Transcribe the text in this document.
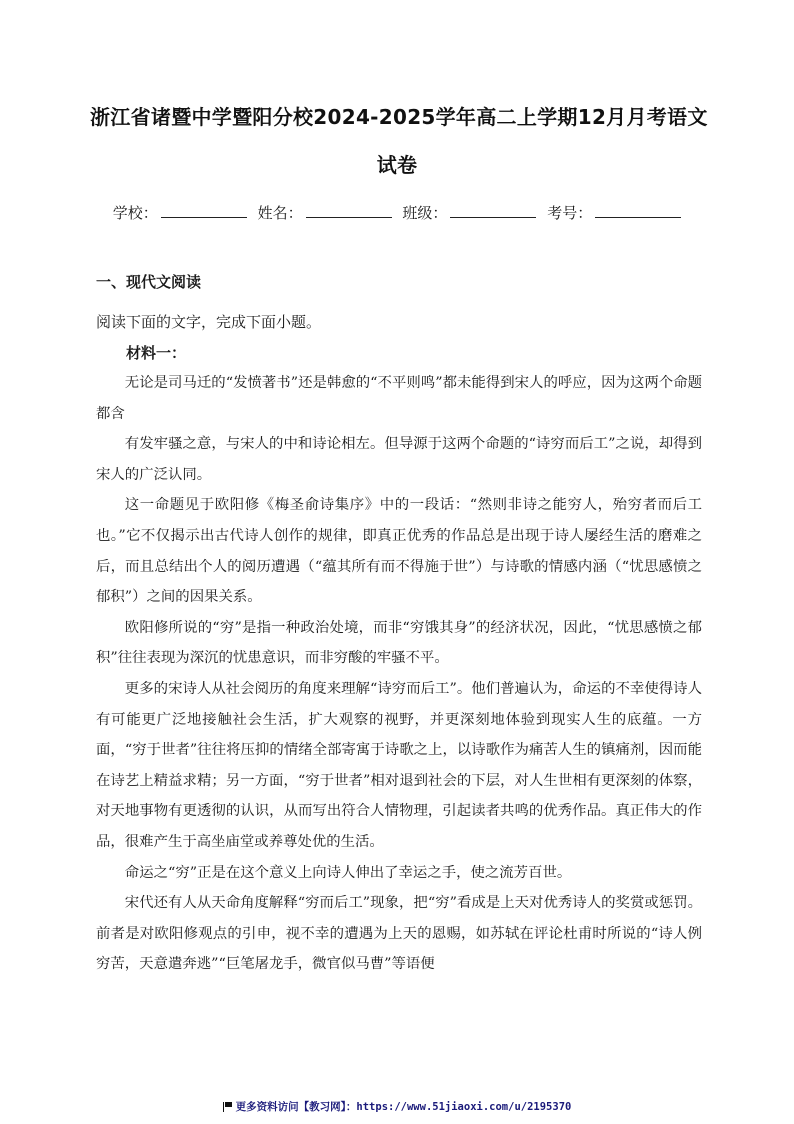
浙江省诸暨中学暨阳分校2024-2025学年高二上学期12月月考语文
试卷
学校：	姓名：	班级：	考号：
一、现代文阅读
阅读下面的文字，完成下面小题。
材料一：

无论是司马迁的“发愤著书”还是韩愈的“不平则鸣”都未能得到宋人的呼应，因为这两个命题都含

有发牢骚之意，与宋人的中和诗论相左。但导源于这两个命题的“诗穷而后工”之说，却得到宋人的广泛认同。

这一命题见于欧阳修《梅圣俞诗集序》中的一段话：“然则非诗之能穷人，殆穷者而后工也。”它不仅揭示出古代诗人创作的规律，即真正优秀的作品总是出现于诗人屡经生活的磨难之后，而且总结出个人的阅历遭遇（“蕴其所有而不得施于世”）与诗歌的情感内涵（“忧思感愤之郁积”）之间的因果关系。

欧阳修所说的“穷”是指一种政治处境，而非“穷饿其身”的经济状况，因此，“忧思感愤之郁积”往往表现为深沉的忧患意识，而非穷酸的牢骚不平。

更多的宋诗人从社会阅历的角度来理解“诗穷而后工”。他们普遍认为，命运的不幸使得诗人有可能更广泛地接触社会生活，扩大观察的视野，并更深刻地体验到现实人生的底蕴。一方面，“穷于世者”往往将压抑的情绪全部寄寓于诗歌之上，以诗歌作为痛苦人生的镇痛剂，因而能在诗艺上精益求精；另一方面，“穷于世者”相对退到社会的下层，对人生世相有更深刻的体察，对天地事物有更透彻的认识，从而写出符合人情物理，引起读者共鸣的优秀作品。真正伟大的作品，很难产生于高坐庙堂或养尊处优的生活。

命运之“穷”正是在这个意义上向诗人伸出了幸运之手，使之流芳百世。

宋代还有人从天命角度解释“穷而后工”现象，把“穷”看成是上天对优秀诗人的奖赏或惩罚。前者是对欧阳修观点的引申，视不幸的遭遇为上天的恩赐，如苏轼在评论杜甫时所说的“诗人例穷苦，天意遣奔逃”“巨笔屠龙手，微官似马曹”等语便

更多资料访问【教习网】：https://www.51jiaoxi.com/u/2195370
